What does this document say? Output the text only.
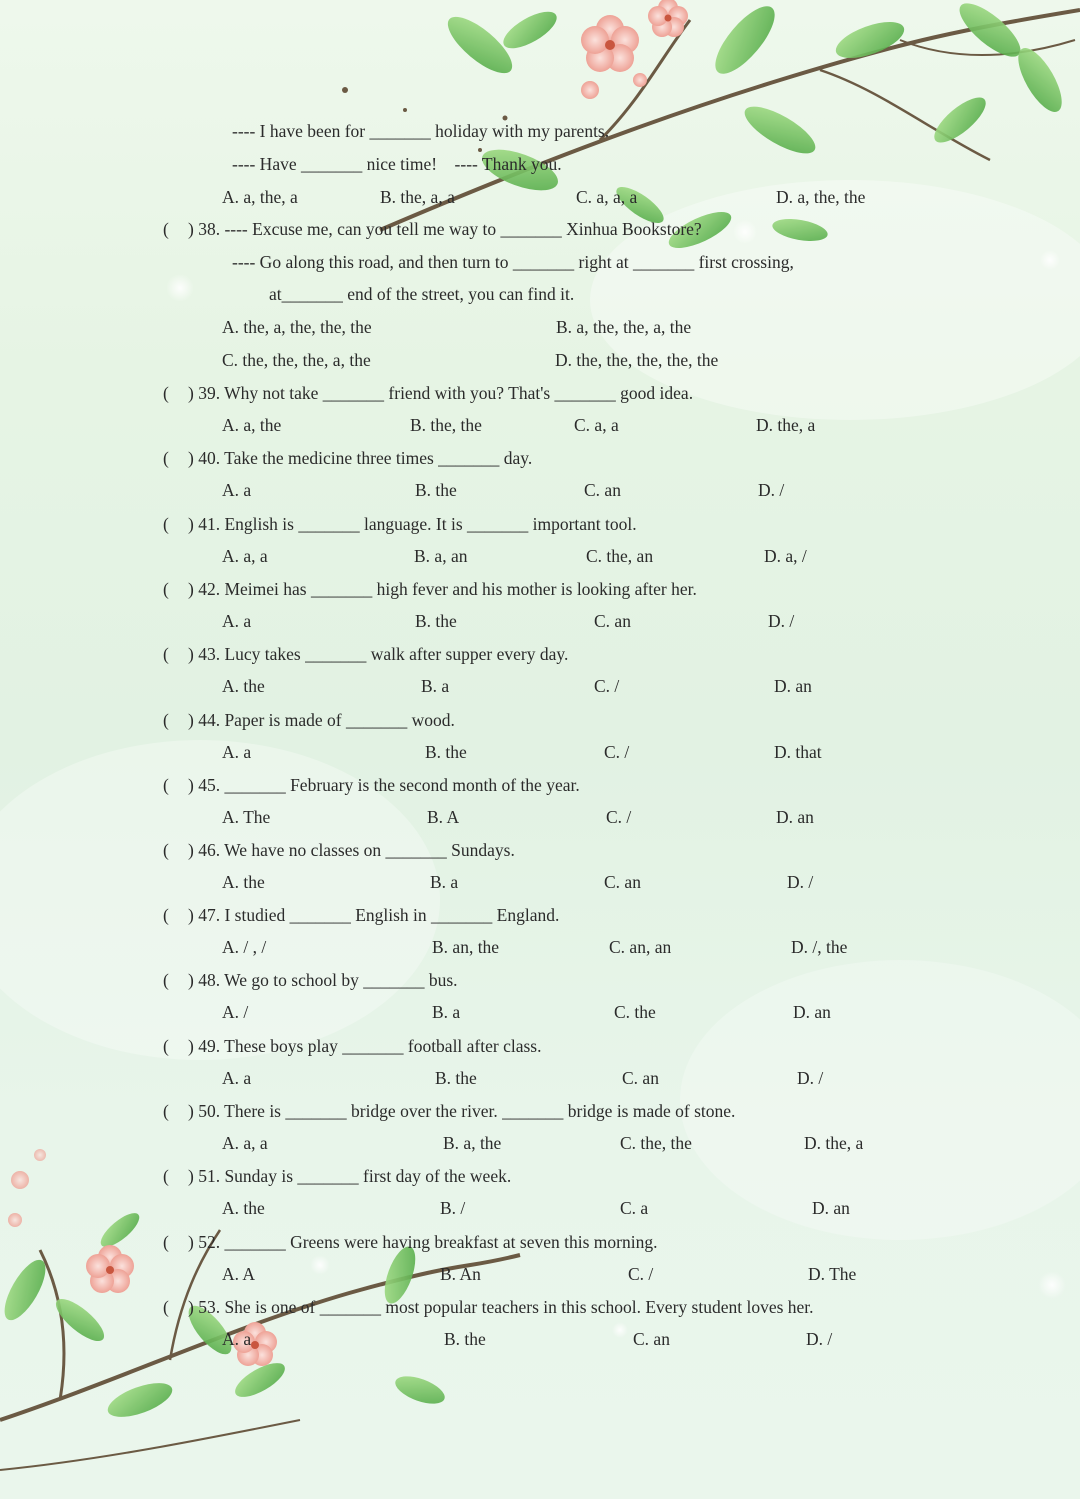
---- I have been for _______ holiday with my parents.
---- Have _______ nice time!    ---- Thank you.
A. a, the, a	B. the, a, a	C. a, a, a	D. a, the, the
( ) 38. ---- Excuse me, can you tell me way to _______ Xinhua Bookstore?
---- Go along this road, and then turn to _______ right at _______ first crossing,
at_______ end of the street, you can find it.
A. the, a, the, the, the	B. a, the, the, a, the
C. the, the, the, a, the	D. the, the, the, the, the
( ) 39. Why not take _______ friend with you? That's _______ good idea.
A. a, the	B. the, the	C. a, a	D. the, a
( ) 40. Take the medicine three times _______ day.
A. a	B. the	C. an	D. /
( ) 41. English is _______ language. It is _______ important tool.
A. a, a	B. a, an	C. the, an	D. a, /
( ) 42. Meimei has _______ high fever and his mother is looking after her.
A. a	B. the	C. an	D. /
( ) 43. Lucy takes _______ walk after supper every day.
A. the	B. a	C. /	D. an
( ) 44. Paper is made of _______ wood.
A. a	B. the	C. /	D. that
( ) 45. _______ February is the second month of the year.
A. The	B. A	C. /	D. an
( ) 46. We have no classes on _______ Sundays.
A. the	B. a	C. an	D. /
( ) 47. I studied _______ English in _______ England.
A. / , /	B. an, the	C. an, an	D. /, the
( ) 48. We go to school by _______ bus.
A. /	B. a	C. the	D. an
( ) 49. These boys play _______ football after class.
A. a	B. the	C. an	D. /
( ) 50. There is _______ bridge over the river. _______ bridge is made of stone.
A. a, a	B. a, the	C. the, the	D. the, a
( ) 51. Sunday is _______ first day of the week.
A. the	B. /	C. a	D. an
( ) 52. _______ Greens were having breakfast at seven this morning.
A. A	B. An	C. /	D. The
( ) 53. She is one of _______ most popular teachers in this school. Every student loves her.
A. a	B. the	C. an	D. /
